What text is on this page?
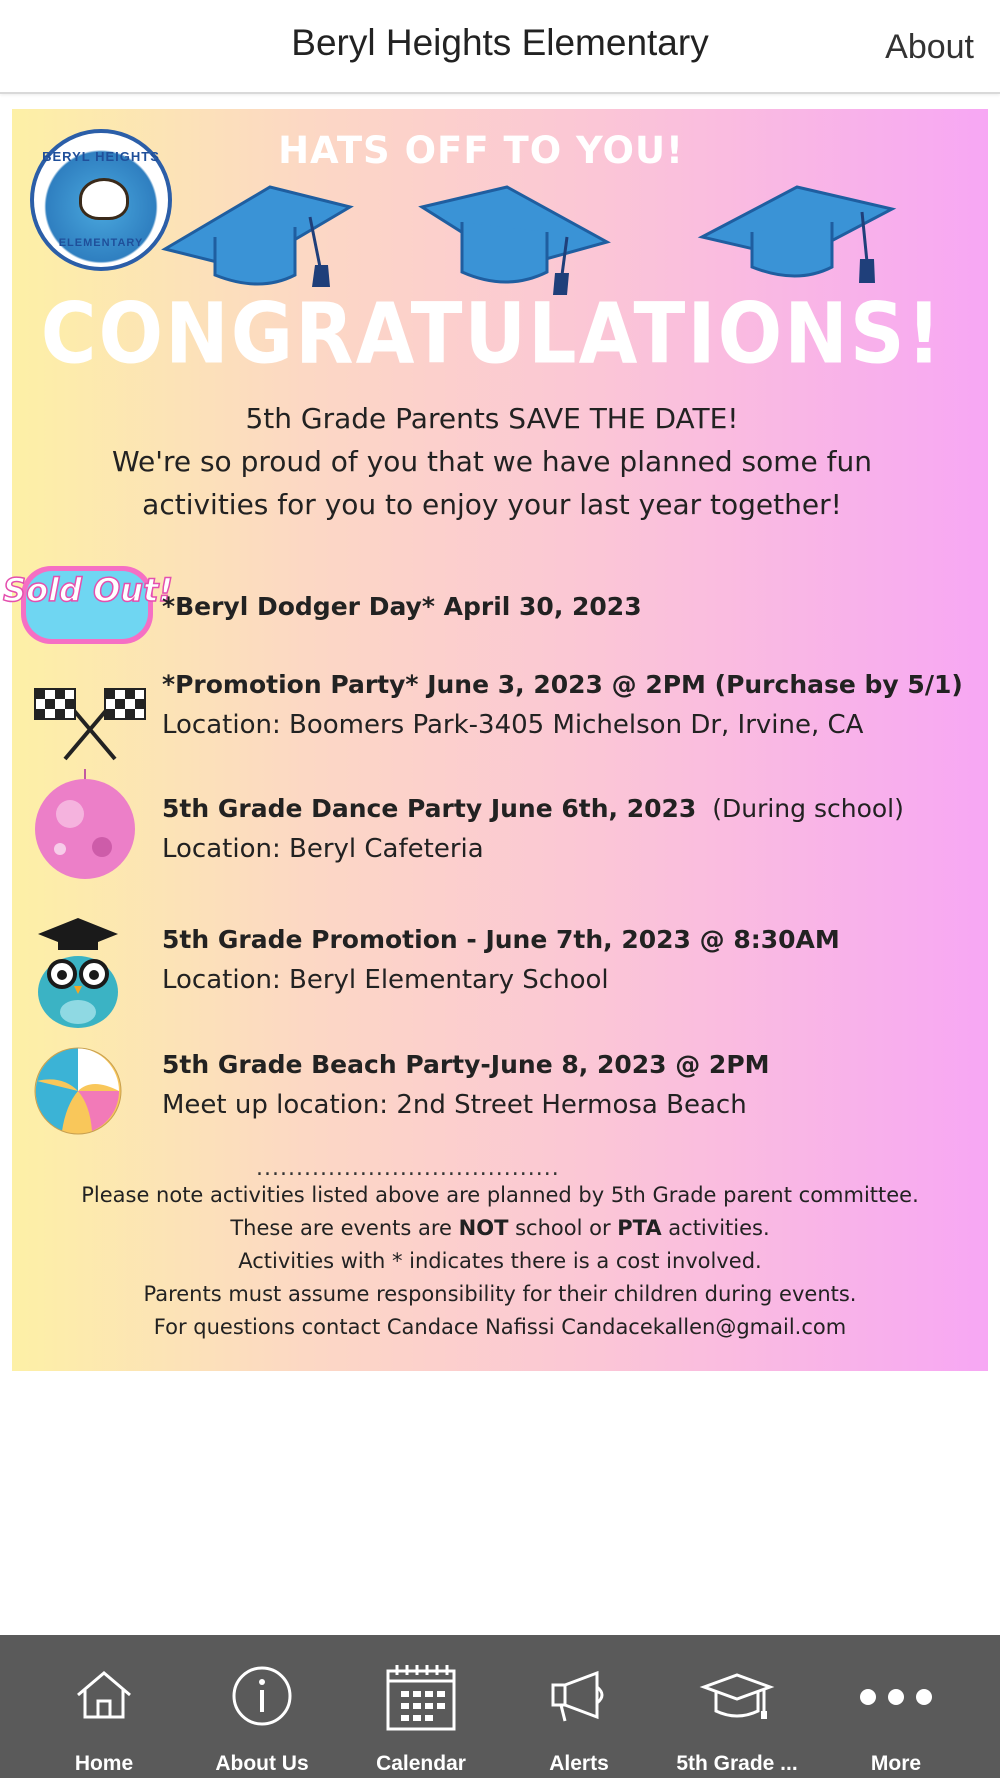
Beryl Heights Elementary	About
BERYL HEIGHTS
ELEMENTARY
HATS OFF TO YOU!
CONGRATULATIONS!
5th Grade Parents SAVE THE DATE!
We're so proud of you that we have planned some fun
activities for you to enjoy your last year together!
Sold Out!
*Beryl Dodger Day* April 30, 2023
*Promotion Party* June 3, 2023 @ 2PM (Purchase by 5/1)
Location: Boomers Park-3405 Michelson Dr, Irvine, CA
5th Grade Dance Party June 6th, 2023 (During school)
Location: Beryl Cafeteria
5th Grade Promotion - June 7th, 2023 @ 8:30AM
Location: Beryl Elementary School
5th Grade Beach Party-June 8, 2023 @ 2PM
Meet up location: 2nd Street Hermosa Beach
......................................
Please note activities listed above are planned by 5th Grade parent committee.
These are events are NOT school or PTA activities.
Activities with * indicates there is a cost involved.
Parents must assume responsibility for their children during events.
For questions contact Candace Nafissi Candacekallen@gmail.com
Home	About Us	Calendar	Alerts	5th Grade ...	More
